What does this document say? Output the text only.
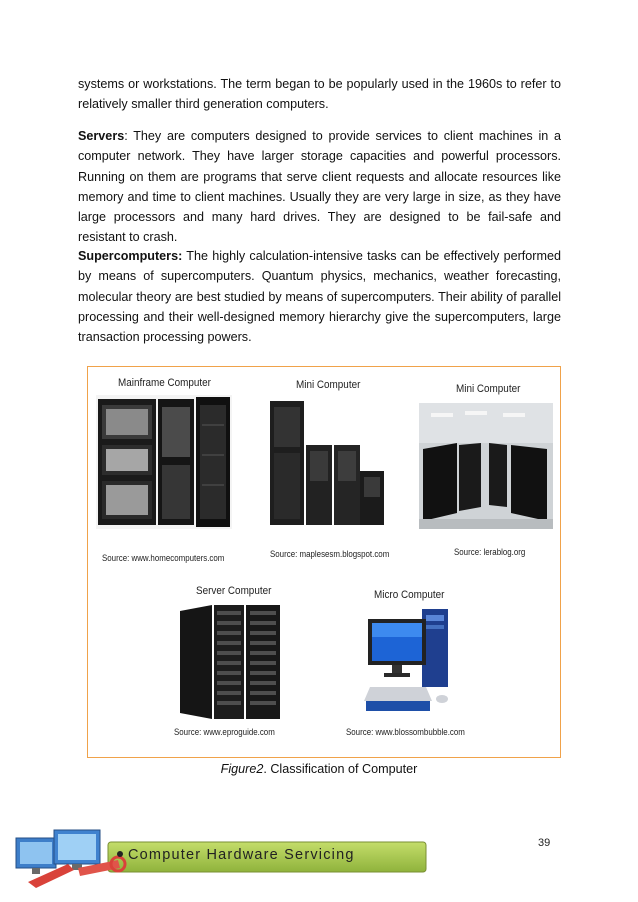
systems or workstations. The term began to be popularly used in the 1960s to refer to relatively smaller third generation computers.
Servers: They are computers designed to provide services to client machines in a computer network. They have larger storage capacities and powerful processors. Running on them are programs that serve client requests and allocate resources like memory and time to client machines. Usually they are very large in size, as they have large processors and many hard drives. They are designed to be fail-safe and resistant to crash.
Supercomputers: The highly calculation-intensive tasks can be effectively performed by means of supercomputers. Quantum physics, mechanics, weather forecasting, molecular theory are best studied by means of supercomputers. Their ability of parallel processing and their well-designed memory hierarchy give the supercomputers, large transaction processing powers.
Mainframe Computer
Source: www.homecomputers.com
Mini Computer
Source: maplesesm.blogspot.com
Mini Computer
Source: lerablog.org
Server Computer
Source: www.eproguide.com
Micro Computer
Source: www.blossombubble.com
Figure2. Classification of Computer
Computer Hardware Servicing
39
